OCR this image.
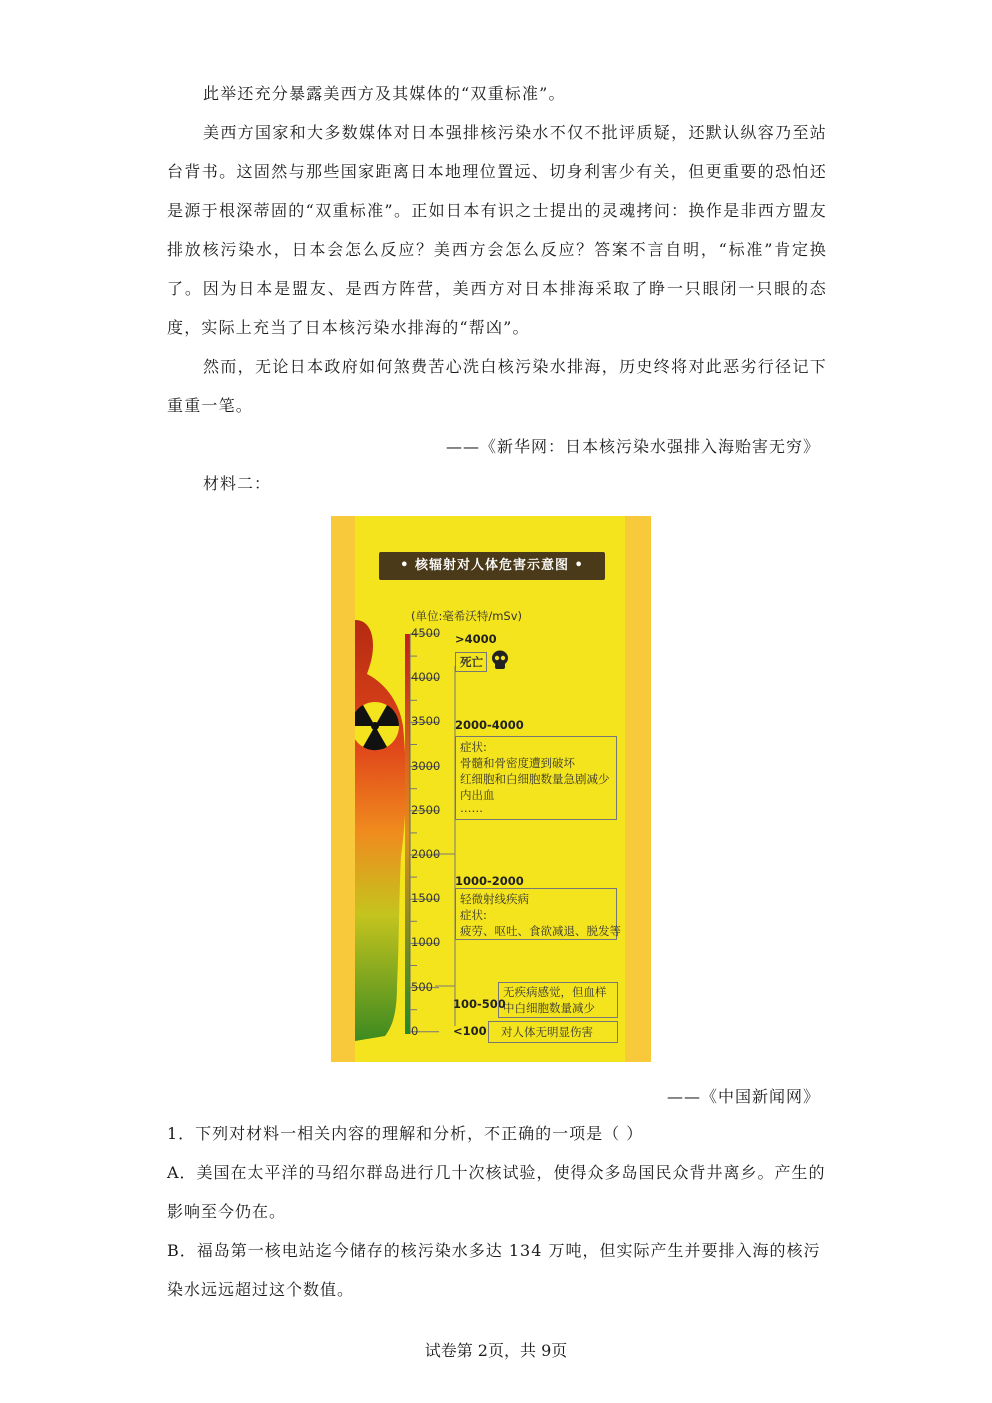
此举还充分暴露美西方及其媒体的“双重标准”。

美西方国家和大多数媒体对日本强排核污染水不仅不批评质疑，还默认纵容乃至站台背书。这固然与那些国家距离日本地理位置远、切身利害少有关，但更重要的恐怕还是源于根深蒂固的“双重标准”。正如日本有识之士提出的灵魂拷问：换作是非西方盟友排放核污染水，日本会怎么反应？美西方会怎么反应？答案不言自明，“标准”肯定换了。因为日本是盟友、是西方阵营，美西方对日本排海采取了睁一只眼闭一只眼的态度，实际上充当了日本核污染水排海的“帮凶”。

然而，无论日本政府如何煞费苦心洗白核污染水排海，历史终将对此恶劣行径记下重重一笔。

——《新华网：日本核污染水强排入海贻害无穷》
材料二：
• 核辐射对人体危害示意图 •
(单位:毫希沃特/mSv)
4500
4000
3500
3000
2500
2000
1500
1000
500
0
>4000
死亡
2000-4000
症状:
骨髓和骨密度遭到破坏
红细胞和白细胞数量急剧减少
内出血
……
1000-2000
轻微射线疾病
症状:
疲劳、呕吐、食欲减退、脱发等
100-500
无疾病感觉，但血样
中白细胞数量减少
<100 对人体无明显伤害
——《中国新闻网》

1．下列对材料一相关内容的理解和分析，不正确的一项是（ ）

A．美国在太平洋的马绍尔群岛进行几十次核试验，使得众多岛国民众背井离乡。产生的影响至今仍在。

B．福岛第一核电站迄今储存的核污染水多达 134 万吨，但实际产生并要排入海的核污染水远远超过这个数值。

试卷第 2页，共 9页
